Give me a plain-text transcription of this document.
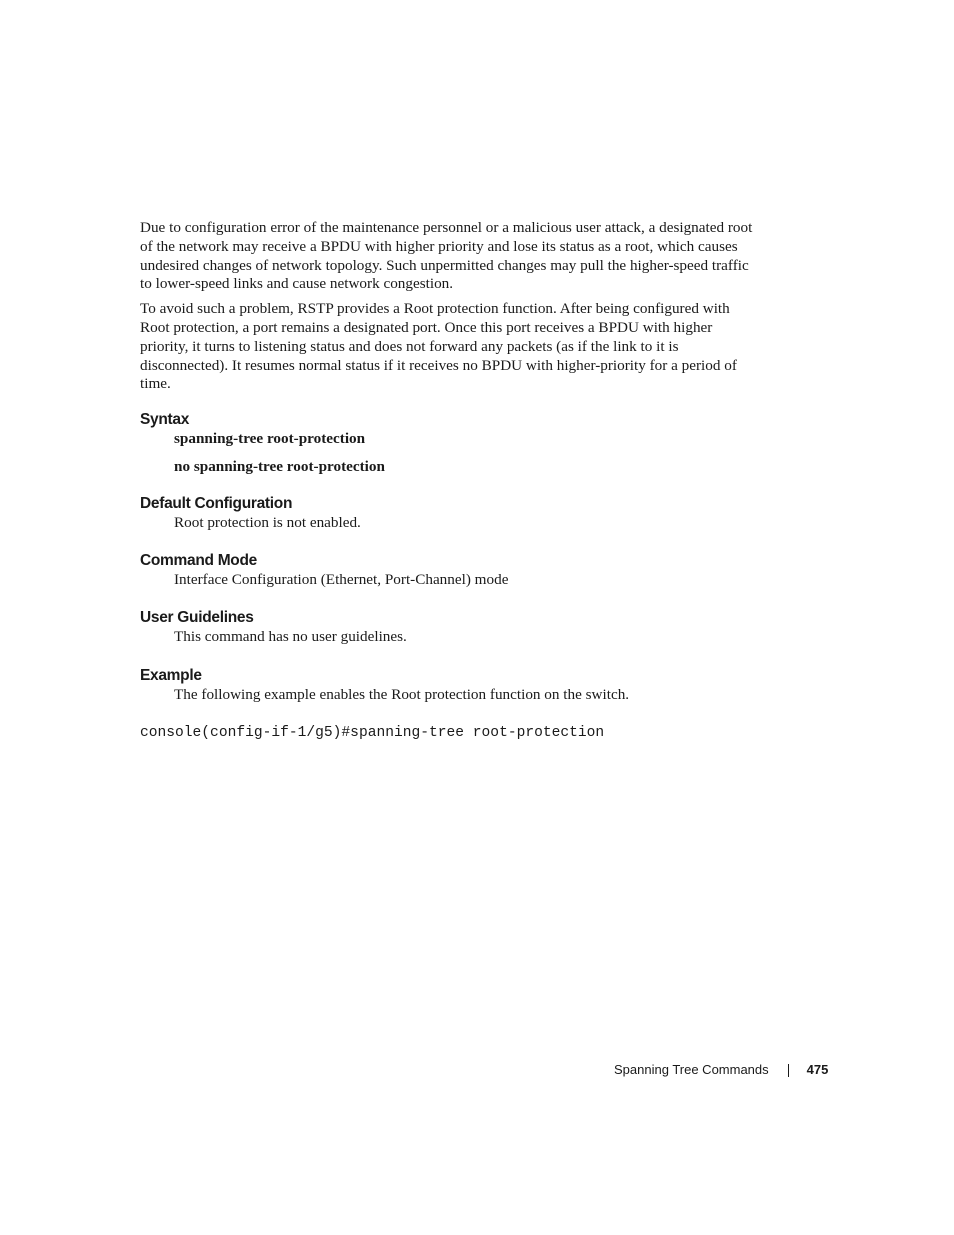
Due to configuration error of the maintenance personnel or a malicious user attack, a designated root of the network may receive a BPDU with higher priority and lose its status as a root, which causes undesired changes of network topology. Such unpermitted changes may pull the higher-speed traffic to lower-speed links and cause network congestion.

To avoid such a problem, RSTP provides a Root protection function. After being configured with Root protection, a port remains a designated port. Once this port receives a BPDU with higher priority, it turns to listening status and does not forward any packets (as if the link to it is disconnected). It resumes normal status if it receives no BPDU with higher-priority for a period of time.

Syntax

spanning-tree root-protection

no spanning-tree root-protection

Default Configuration

Root protection is not enabled.

Command Mode

Interface Configuration (Ethernet, Port-Channel) mode

User Guidelines

This command has no user guidelines.

Example

The following example enables the Root protection function on the switch.

console(config-if-1/g5)#spanning-tree root-protection

Spanning Tree Commands	475
